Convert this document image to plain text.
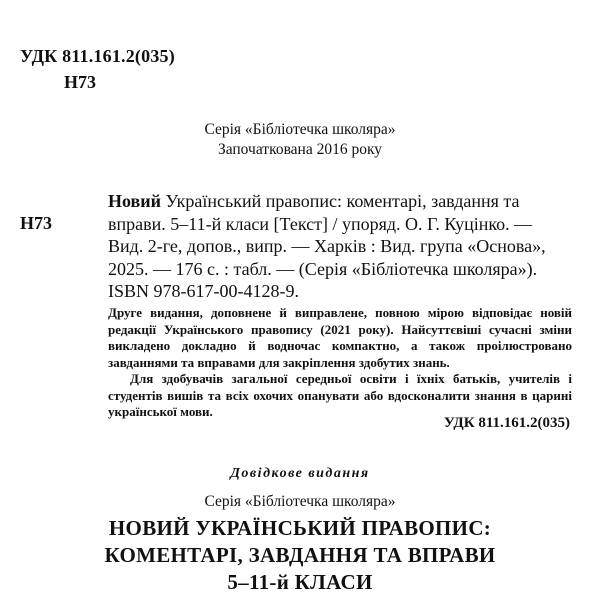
УДК 811.161.2(035)
Н73
Серія «Бібліотечка школяра»
Започаткована 2016 року
Н73
Новий Український правопис: коментарі, завдання та
вправи. 5–11-й класи [Текст] / упоряд. О. Г. Куцінко. —
Вид. 2-ге, допов., випр. — Харків : Вид. група «Основа»,
2025. — 176 с. : табл. — (Серія «Бібліотечка школяра»).
ISBN 978-617-00-4128-9.

Друге видання, доповнене й виправлене, повною мірою відповідає новій редакції Українського правопису (2021 року). Найсуттєвіші сучасні зміни викладено докладно й водночас компактно, а також проілюстровано завданнями та вправами для закріплення здобутих знань.

Для здобувачів загальної середньої освіти і їхніх батьків, учителів і студентів вишів та всіх охочих опанувати або вдосконалити знання в царині української мови.

УДК 811.161.2(035)
Довідкове видання
Серія «Бібліотечка школяра»
НОВИЙ УКРАЇНСЬКИЙ ПРАВОПИС:
КОМЕНТАРІ, ЗАВДАННЯ ТА ВПРАВИ
5–11-й КЛАСИ
